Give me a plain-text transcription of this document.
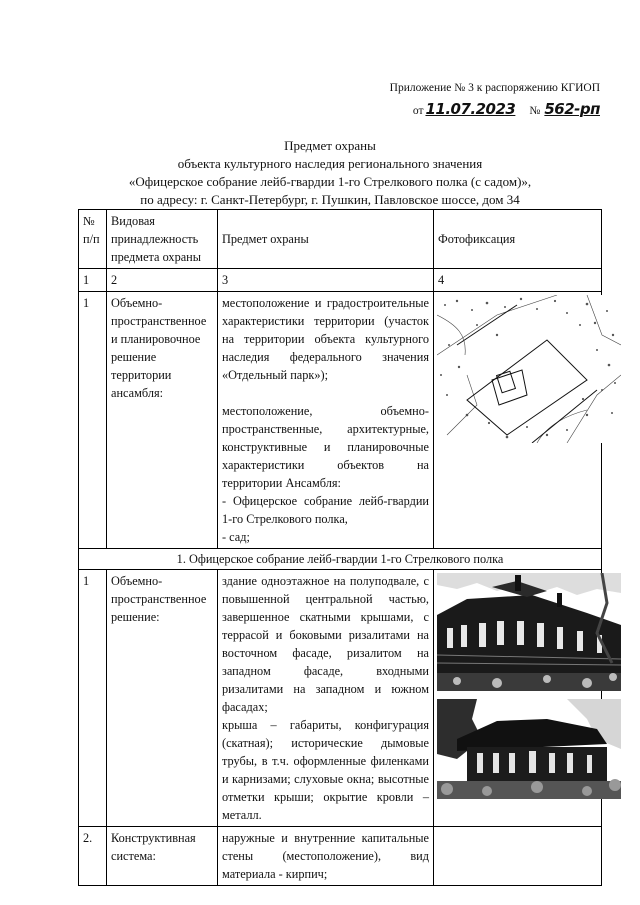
Приложение № 3 к распоряжению КГИОП
от 11.07.2023 № 562-рп
Предмет охраны
объекта культурного наследия регионального значения
«Офицерское собрание лейб-гвардии 1-го Стрелкового полка (с садом)»,
по адресу: г. Санкт-Петербург, г. Пушкин, Павловское шоссе, дом 34
№ п/п	Видовая принадлежность предмета охраны	Предмет охраны	Фотофиксация
1	2	3	4
1	Объемно-пространственное и планировочное решение территории ансамбля:	местоположение и градостроительные характеристики территории (участок на территории объекта культурного наследия федерального значения «Отдельный парк»);
местоположение, объемно-пространственные, архитектурные, конструктивные и планировочные характеристики объектов на территории Ансамбля:
- Офицерское собрание лейб-гвардии 1-го Стрелкового полка,
- сад;

1. Офицерское собрание лейб-гвардии 1-го Стрелкового полка			
1	Объемно-пространственное решение:	здание одноэтажное на полуподвале, с повышенной центральной частью, завершенное скатными крышами, с террасой и боковыми ризалитами на восточном фасаде, ризалитом на западном фасаде, входными ризалитами на западном и южном фасадах;
крыша – габариты, конфигурация (скатная); исторические дымовые трубы, в т.ч. оформленные филенками и карнизами; слуховые окна; высотные отметки крыши; окрытие кровли – металл.

2.	Конструктивная система:	наружные и внутренние капитальные стены (местоположение), вид материала - кирпич;	
